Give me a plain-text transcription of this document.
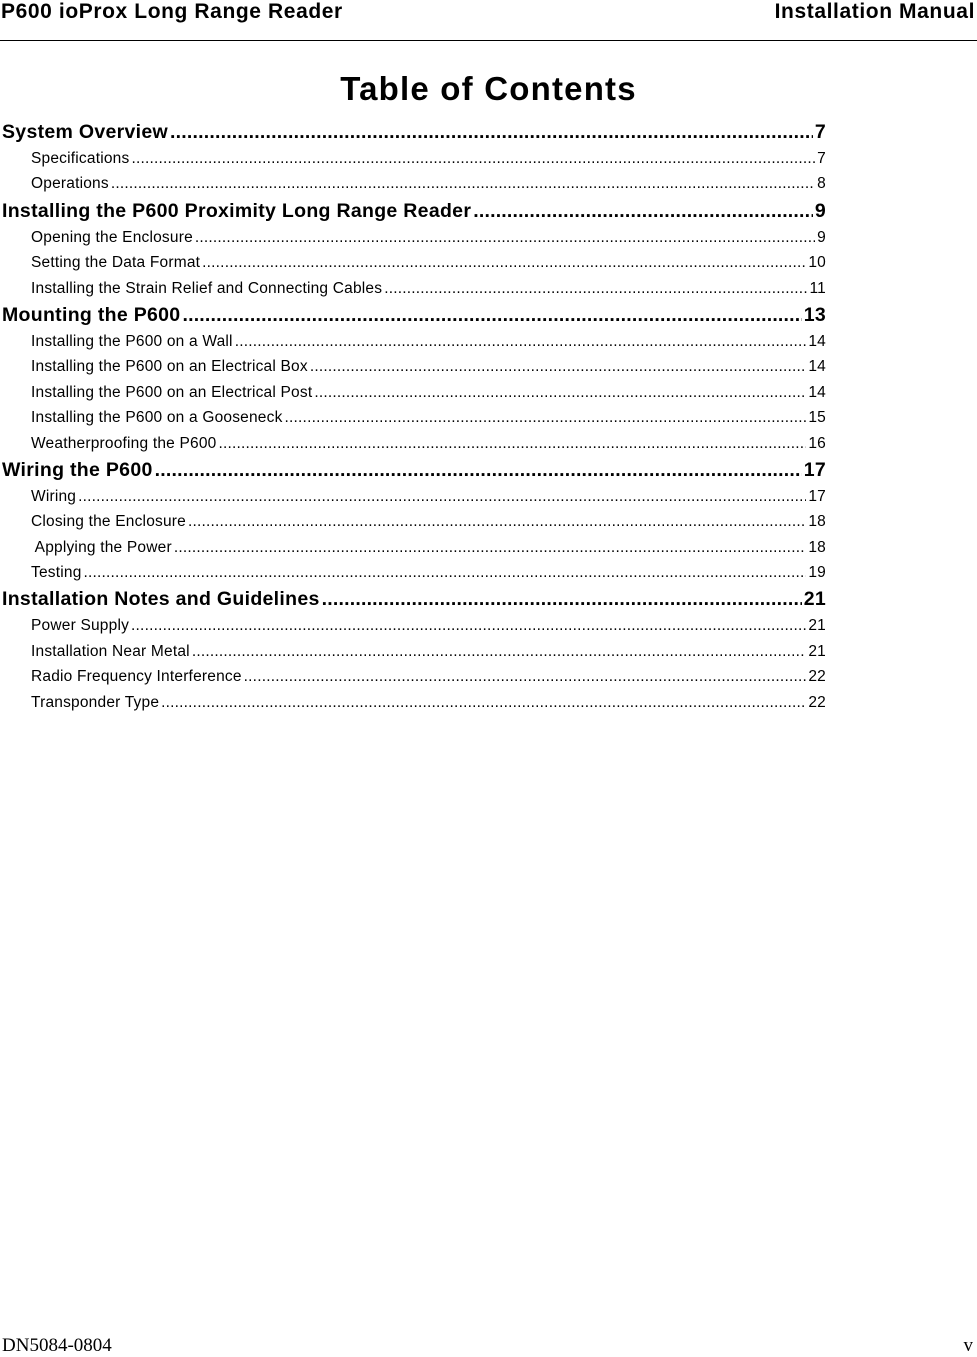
P600 ioProx Long Range Reader	Installation Manual
Table of Contents
System Overview .....	7
Specifications .....	7
Operations .....	8
Installing the P600 Proximity Long Range Reader .....	9
Opening the Enclosure .....	9
Setting the Data Format .....	10
Installing the Strain Relief and Connecting Cables .....	11
Mounting the P600 .....	13
Installing the P600 on a Wall .....	14
Installing the P600 on an Electrical Box .....	14
Installing the P600 on an Electrical Post .....	14
Installing the P600 on a Gooseneck .....	15
Weatherproofing the P600 .....	16
Wiring the P600 .....	17
Wiring .....	17
Closing the Enclosure .....	18
Applying the Power .....	18
Testing .....	19
Installation Notes and Guidelines .....	21
Power Supply .....	21
Installation Near Metal .....	21
Radio Frequency Interference .....	22
Transponder Type .....	22
DN5084-0804	v
